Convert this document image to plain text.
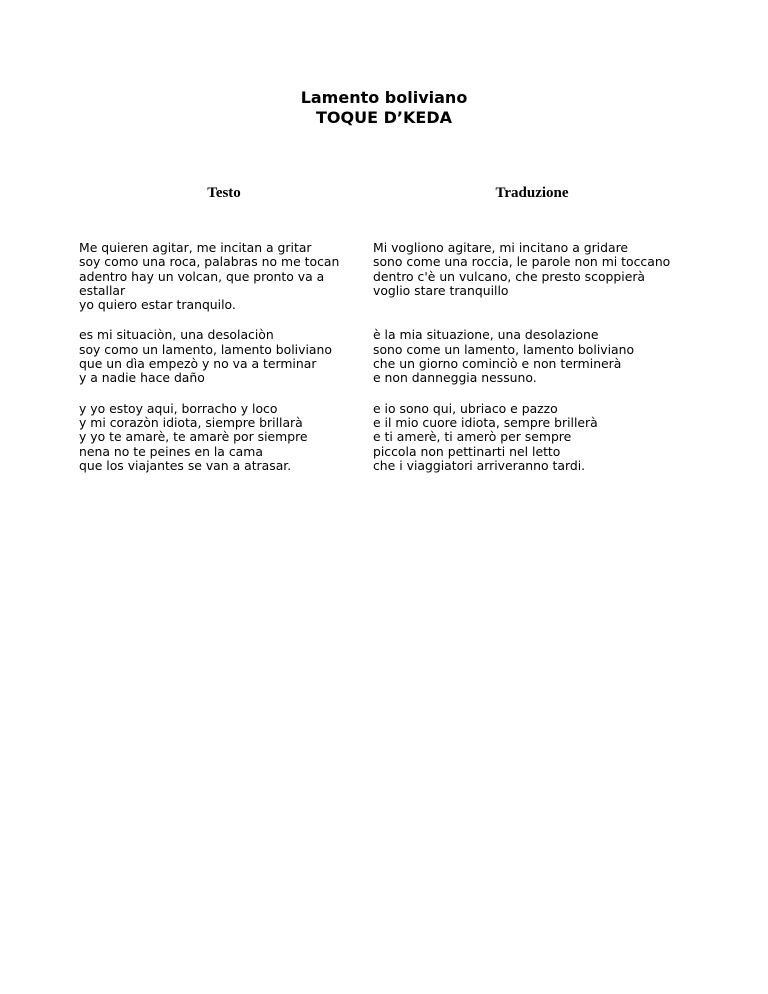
Lamento boliviano
TOQUE D’KEDA
Testo	Traduzione
Me quieren agitar, me incitan a gritar
soy como una roca, palabras no me tocan
adentro hay un volcan, que pronto va a estallar
yo quiero estar tranquilo.
Mi vogliono agitare, mi incitano a gridare
sono come una roccia, le parole non mi toccano
dentro c'è un vulcano, che presto scoppierà
voglio stare tranquillo
es mi situaciòn, una desolaciòn
soy como un lamento, lamento boliviano
que un dìa empezò y no va a terminar
y a nadie hace daño
è la mia situazione, una desolazione
sono come un lamento, lamento boliviano
che un giorno cominciò e non terminerà
e non danneggia nessuno.
y yo estoy aqui, borracho y loco
y mi corazòn idiota, siempre brillarà
y yo te amarè, te amarè por siempre
nena no te peines en la cama
que los viajantes se van a atrasar.
e io sono qui, ubriaco e pazzo
e il mio cuore idiota, sempre brillerà
e ti amerè, ti amerò per sempre
piccola non pettinarti nel letto
che i viaggiatori arriveranno tardi.
